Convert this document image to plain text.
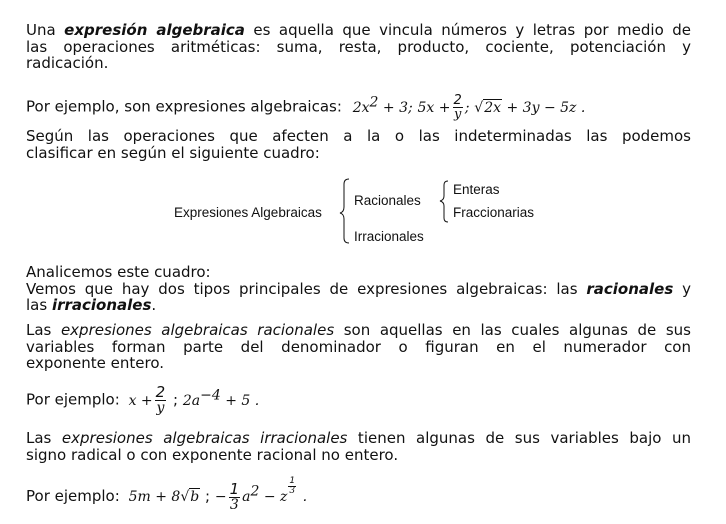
Una expresión algebraica es aquella que vincula números y letras por medio de
las operaciones aritméticas: suma, resta, producto, cociente, potenciación y
radicación.
Por ejemplo, son expresiones algebraicas: $2x^2 + 3$; $5x + \frac{2}{y}$ ; √2x + 3y − 5z .
Según las operaciones que afecten a la o las indeterminadas las podemos
clasificar en según el siguiente cuadro:
Expresiones Algebraicas
Racionales
Enteras
Fraccionarias
Irracionales
Analicemos este cuadro:
Vemos que hay dos tipos principales de expresiones algebraicas: las racionales y
las irracionales.
Las expresiones algebraicas racionales son aquellas en las cuales algunas de sus
variables forman parte del denominador o figuran en el numerador con
exponente entero.
Por ejemplo: $x + \frac{2}{y}$ ; $2a^{-4} + 5$ .
Las expresiones algebraicas irracionales tienen algunas de sus variables bajo un
signo radical o con exponente racional no entero.
Por ejemplo: 5m + 8√b ; − $\frac{1}{3} a^2 - z$
$\frac{1}{3}$
.
